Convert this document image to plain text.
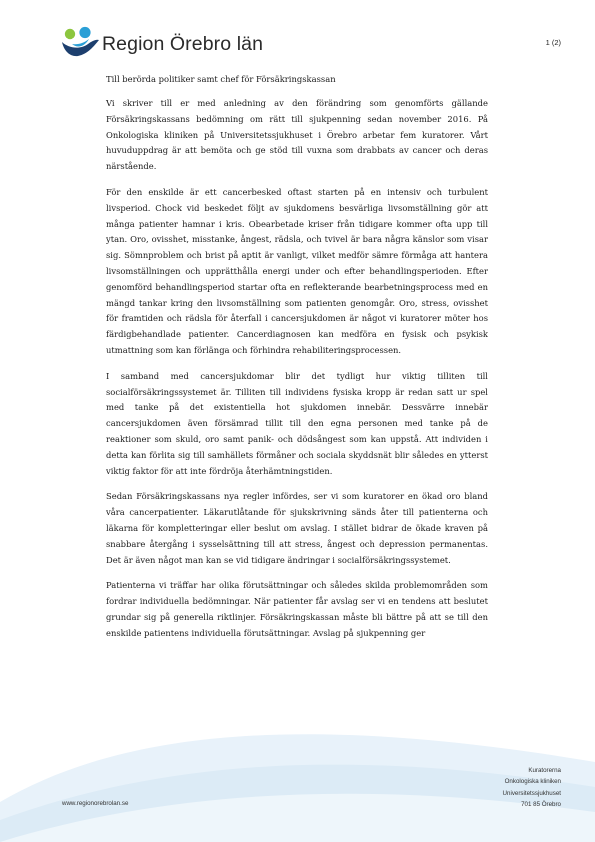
Region Örebro län	1 (2)

Till berörda politiker samt chef för Försäkringskassan

Vi skriver till er med anledning av den förändring som genomförts gällande Försäkringskassans bedömning om rätt till sjukpenning sedan november 2016. På Onkologiska kliniken på Universitetssjukhuset i Örebro arbetar fem kuratorer. Vårt huvuduppdrag är att bemöta och ge stöd till vuxna som drabbats av cancer och deras närstående.

För den enskilde är ett cancerbesked oftast starten på en intensiv och turbulent livsperiod. Chock vid beskedet följt av sjukdomens besvärliga livsomställning gör att många patienter hamnar i kris. Obearbetade kriser från tidigare kommer ofta upp till ytan. Oro, ovisshet, misstanke, ångest, rädsla, och tvivel är bara några känslor som visar sig. Sömnproblem och brist på aptit är vanligt, vilket medför sämre förmåga att hantera livsomställningen och upprätthålla energi under och efter behandlingsperioden. Efter genomförd behandlingsperiod startar ofta en reflekterande bearbetningsprocess med en mängd tankar kring den livsomställning som patienten genomgår. Oro, stress, ovisshet för framtiden och rädsla för återfall i cancersjukdomen är något vi kuratorer möter hos färdigbehandlade patienter. Cancerdiagnosen kan medföra en fysisk och psykisk utmattning som kan förlänga och förhindra rehabiliteringsprocessen.

I samband med cancersjukdomar blir det tydligt hur viktig tilliten till socialförsäkringssystemet är. Tilliten till individens fysiska kropp är redan satt ur spel med tanke på det existentiella hot sjukdomen innebär. Dessvärre innebär cancersjukdomen även försämrad tillit till den egna personen med tanke på de reaktioner som skuld, oro samt panik- och dödsångest som kan uppstå. Att individen i detta kan förlita sig till samhällets förmåner och sociala skyddsnät blir således en ytterst viktig faktor för att inte fördröja återhämtningstiden.

Sedan Försäkringskassans nya regler infördes, ser vi som kuratorer en ökad oro bland våra cancerpatienter. Läkarutlåtande för sjukskrivning sänds åter till patienterna och läkarna för kompletteringar eller beslut om avslag. I stället bidrar de ökade kraven på snabbare återgång i sysselsättning till att stress, ångest och depression permanentas. Det är även något man kan se vid tidigare ändringar i socialförsäkringssystemet.

Patienterna vi träffar har olika förutsättningar och således skilda problemområden som fordrar individuella bedömningar. När patienter får avslag ser vi en tendens att beslutet grundar sig på generella riktlinjer. Försäkringskassan måste bli bättre på att se till den enskilde patientens individuella förutsättningar. Avslag på sjukpenning ger

www.regionorebrolan.se
Kuratorerna
Onkologiska kliniken
Universitetssjukhuset
701 85 Örebro
